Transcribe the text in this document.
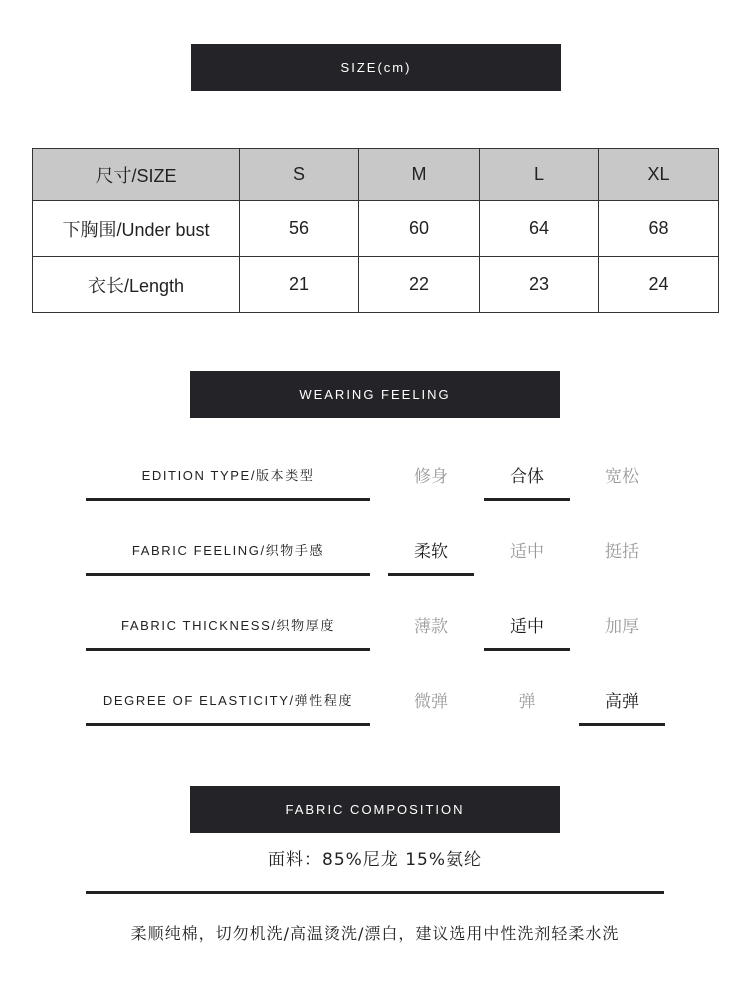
SIZE(cm)
尺寸/SIZE	S	M	L	XL
下胸围/Under bust	56	60	64	68
衣长/Length	21	22	23	24
WEARING FEELING
EDITION TYPE/版本类型	修身	合体	宽松
FABRIC FEELING/织物手感	柔软	适中	挺括
FABRIC THICKNESS/织物厚度	薄款	适中	加厚
DEGREE OF ELASTICITY/弹性程度	微弹	弹	高弹
FABRIC COMPOSITION
面料：85%尼龙 15%氨纶
柔顺纯棉，切勿机洗/高温烫洗/漂白，建议选用中性洗剂轻柔水洗
